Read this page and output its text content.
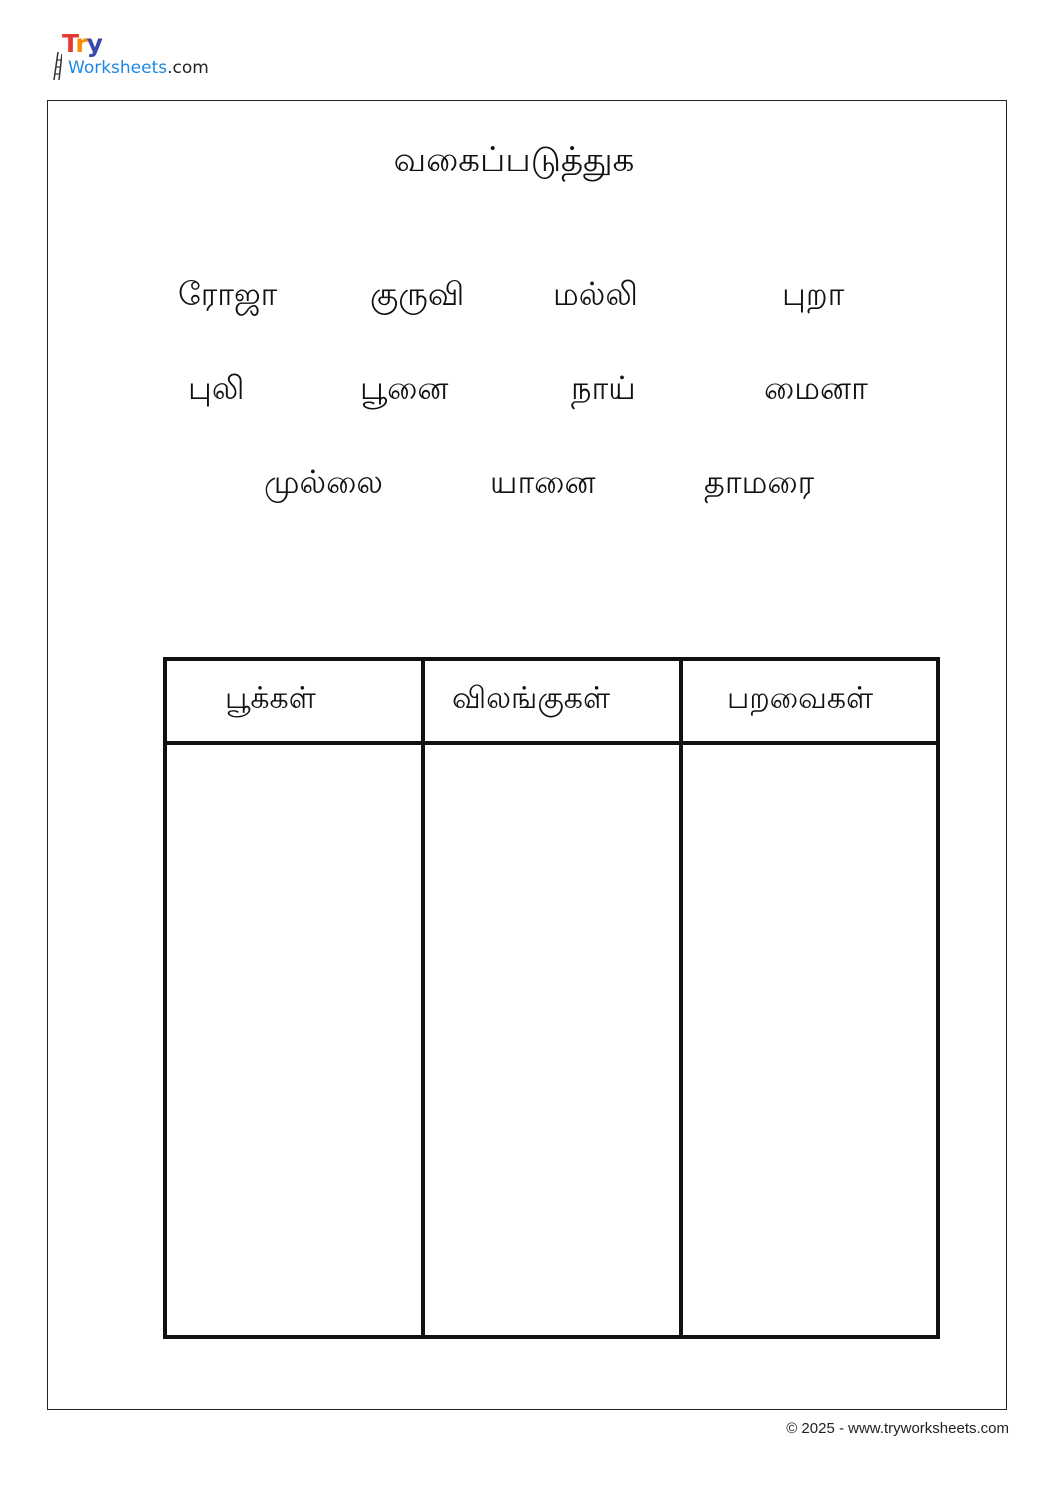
Try
Worksheets.com
வகைப்படுத்துக
ரோஜா	குருவி	மல்லி	புறா
புலி	பூனை	நாய்	மைனா
முல்லை	யானை	தாமரை
பூக்கள்	விலங்குகள்	பறவைகள்
© 2025 - www.tryworksheets.com
